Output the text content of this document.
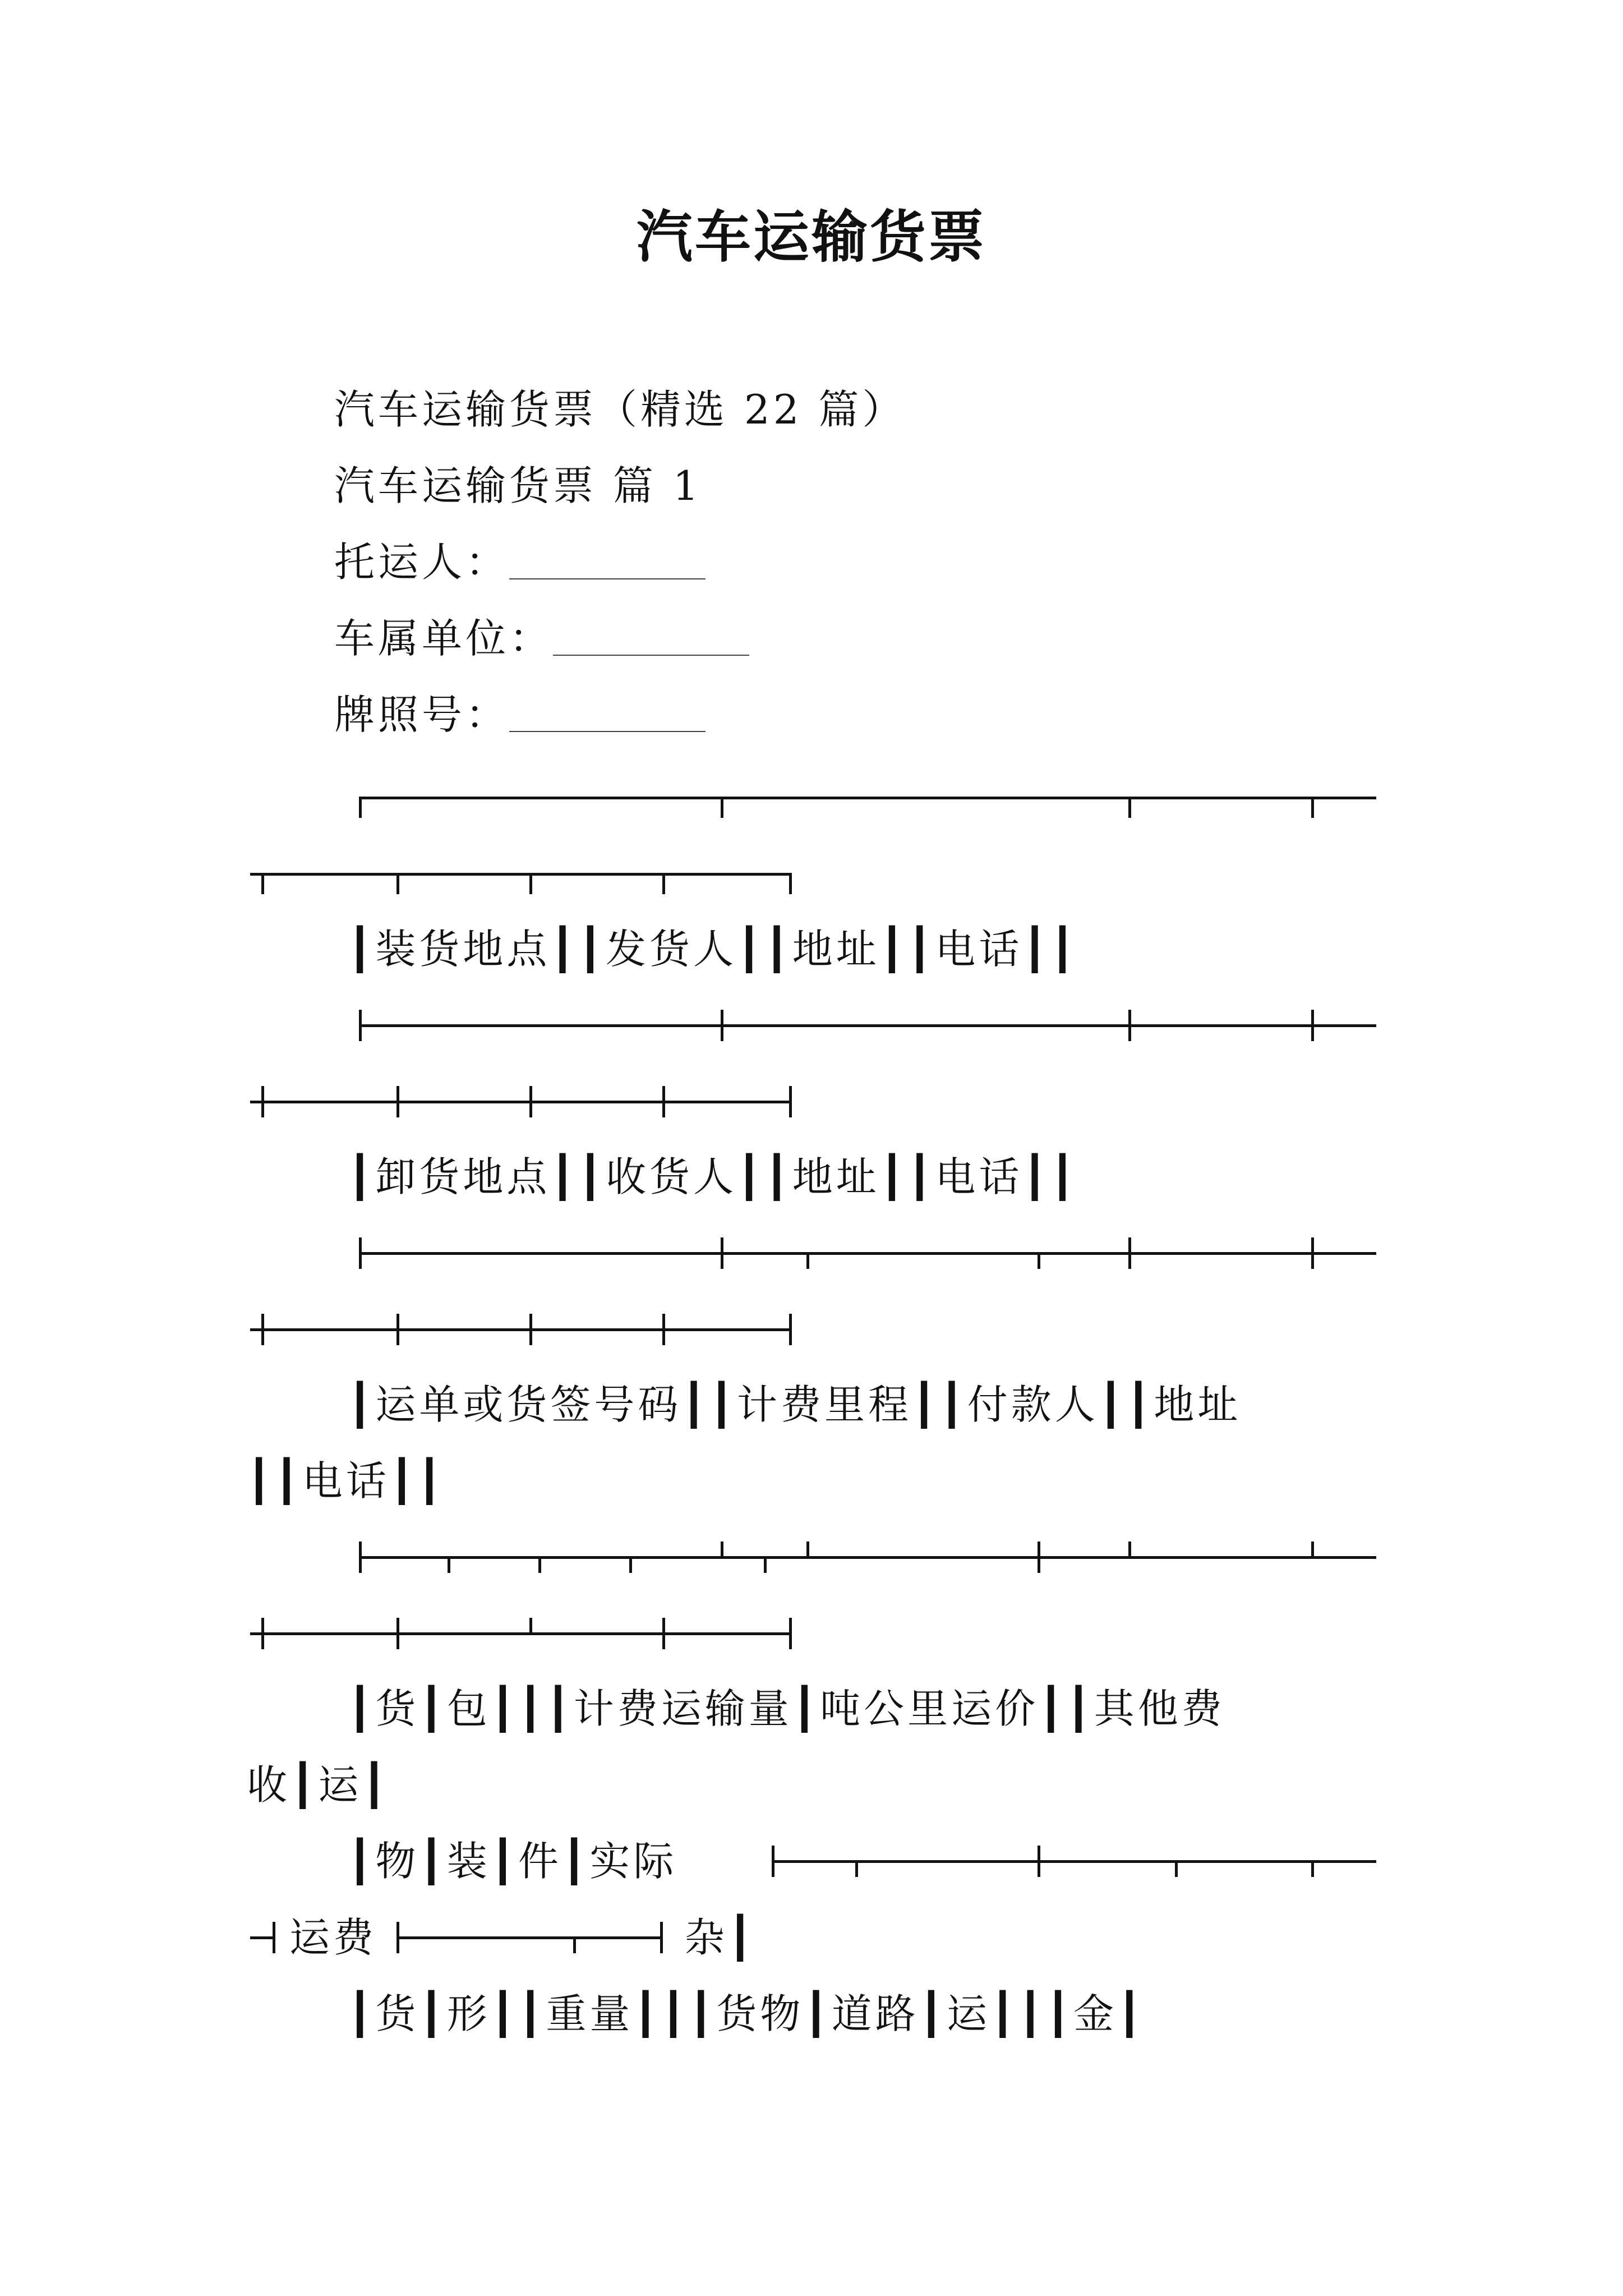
汽车运输货票
汽车运输货票（精选 22 篇）
汽车运输货票 篇 1
托运人：
车属单位：
牌照号：
┃装货地点┃┃发货人┃┃地址┃┃电话┃┃
┃卸货地点┃┃收货人┃┃地址┃┃电话┃┃
┃运单或货签号码┃┃计费里程┃┃付款人┃┃地址
┃┃电话┃┃
┃货┃包┃┃┃计费运输量┃吨公里运价┃┃其他费
收┃运┃
┃物┃装┃件┃实际
运费	杂┃
┃货┃形┃┃重量┃┃┃货物┃道路┃运┃┃┃金┃
